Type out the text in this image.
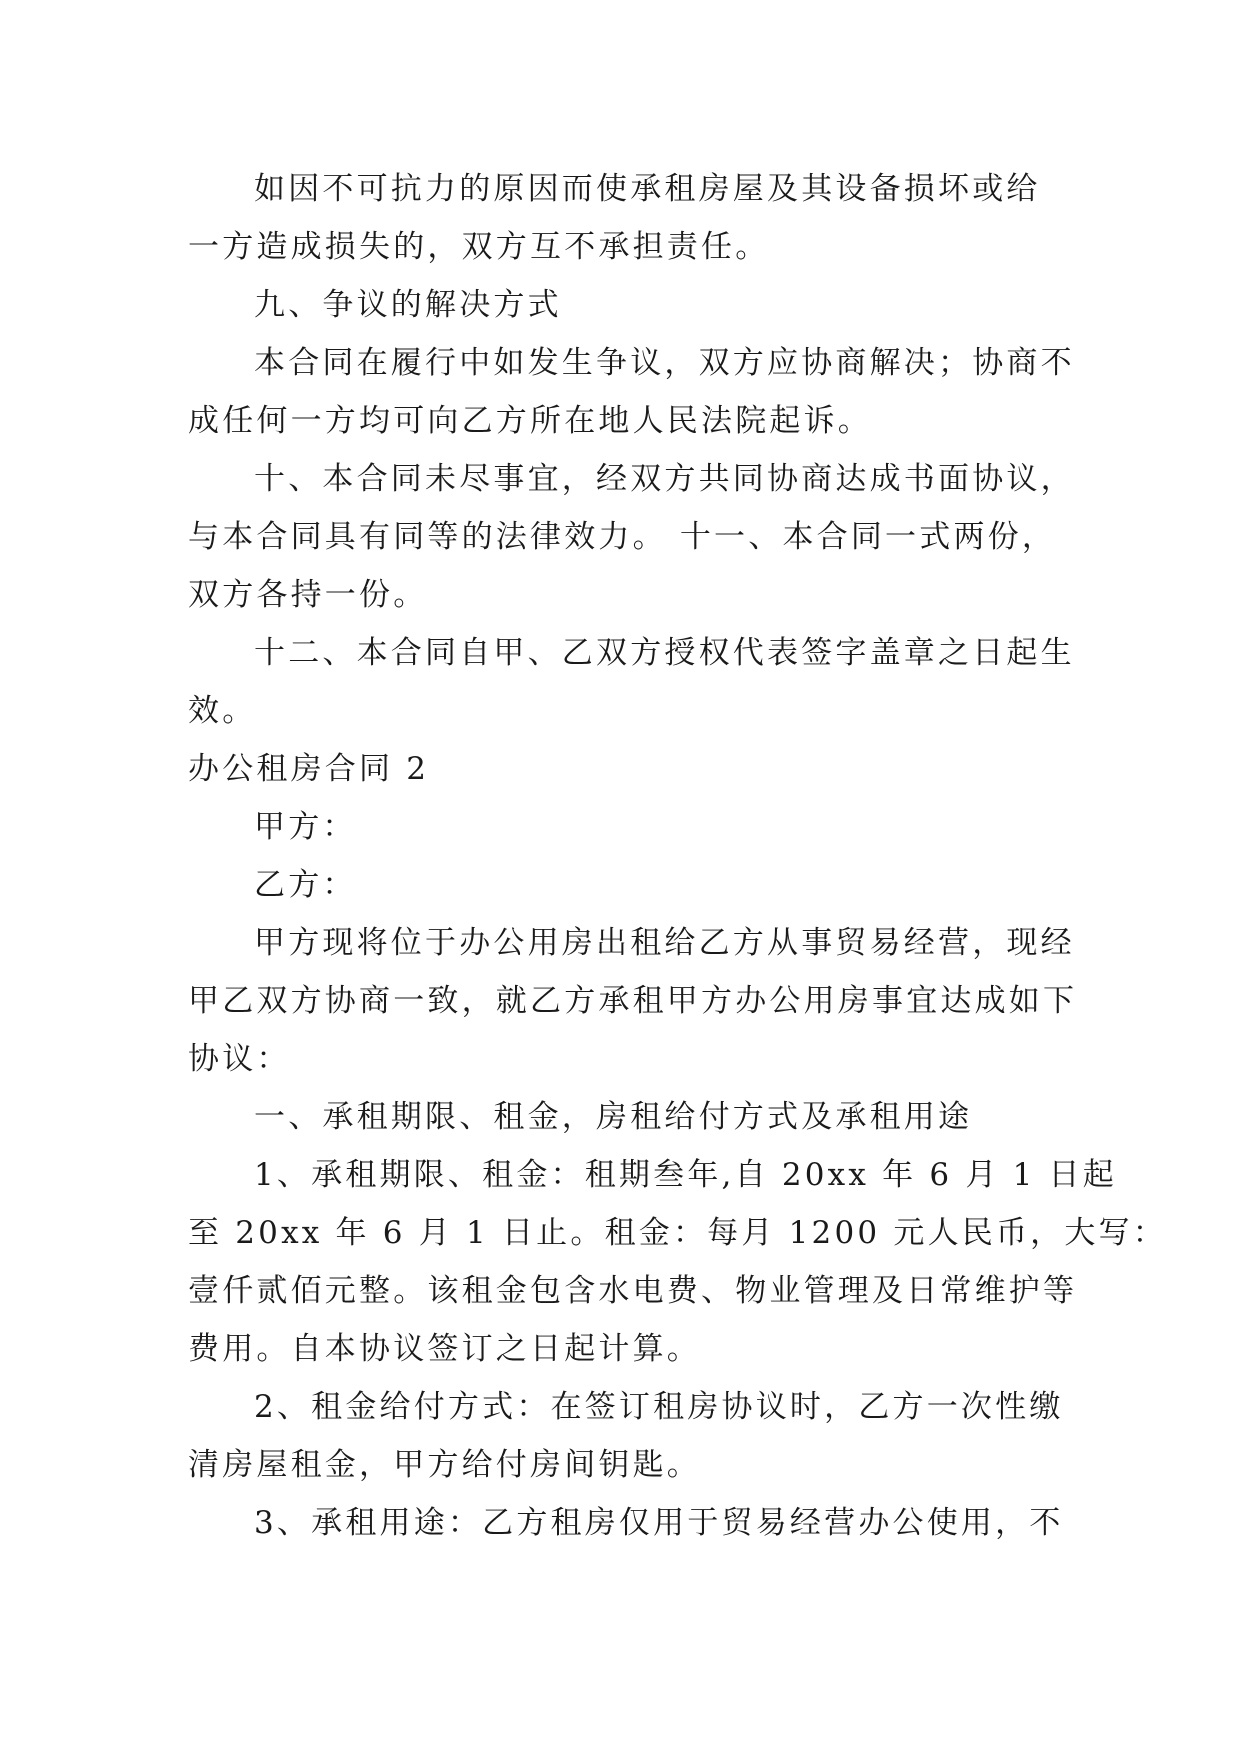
如因不可抗力的原因而使承租房屋及其设备损坏或给
一方造成损失的，双方互不承担责任。
九、争议的解决方式
本合同在履行中如发生争议，双方应协商解决；协商不
成任何一方均可向乙方所在地人民法院起诉。
十、本合同未尽事宜，经双方共同协商达成书面协议，
与本合同具有同等的法律效力。 十一、本合同一式两份，
双方各持一份。
十二、本合同自甲、乙双方授权代表签字盖章之日起生
效。
办公租房合同 2
甲方：
乙方：
甲方现将位于办公用房出租给乙方从事贸易经营，现经
甲乙双方协商一致，就乙方承租甲方办公用房事宜达成如下
协议：
一、承租期限、租金，房租给付方式及承租用途
1、承租期限、租金：租期叁年,自 20xx 年 6 月 1 日起
至 20xx 年 6 月 1 日止。租金：每月 1200 元人民币，大写：
壹仟贰佰元整。该租金包含水电费、物业管理及日常维护等
费用。自本协议签订之日起计算。
2、租金给付方式：在签订租房协议时，乙方一次性缴
清房屋租金，甲方给付房间钥匙。
3、承租用途：乙方租房仅用于贸易经营办公使用，不
